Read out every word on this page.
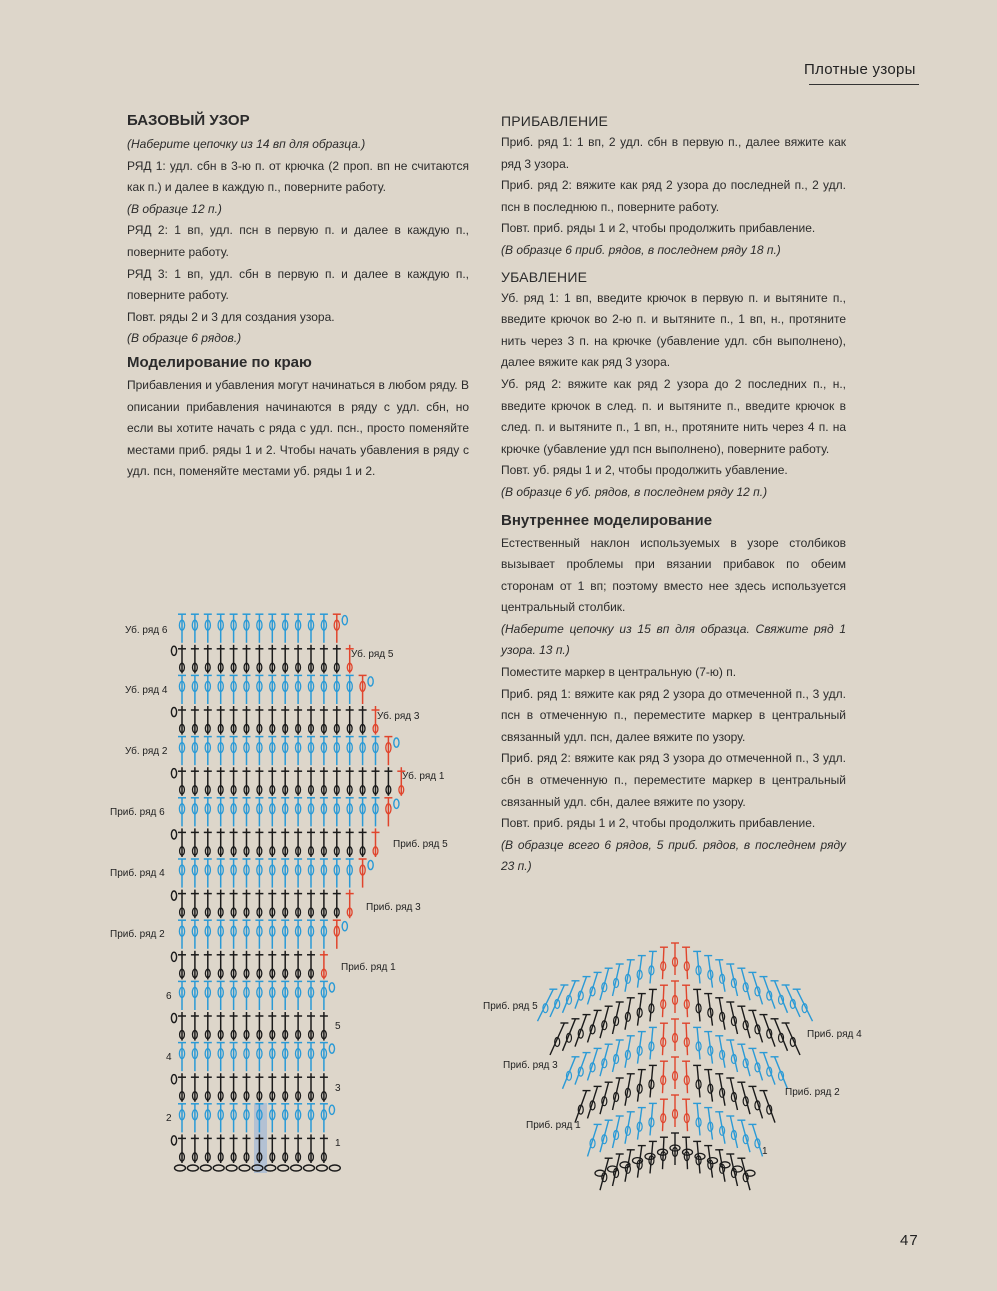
Плотные узоры
БАЗОВЫЙ УЗОР

(Наберите цепочку из 14 вп для образца.)

РЯД 1: удл. сбн в 3-ю п. от крючка (2 проп. вп не считаются как п.) и далее в каждую п., поверните работу.

(В образце 12 п.)

РЯД 2: 1 вп, удл. псн в первую п. и далее в каждую п., поверните работу.

РЯД 3: 1 вп, удл. сбн в первую п. и далее в каждую п., поверните работу.

Повт. ряды 2 и 3 для создания узора.

(В образце 6 рядов.)

Моделирование по краю

Прибавления и убавления могут начинаться в любом ряду. В описании прибавления начинаются в ряду с удл. сбн, но если вы хотите начать с ряда с удл. псн., просто поменяйте местами приб. ряды 1 и 2. Чтобы начать убавления в ряду с удл. псн, поменяйте местами уб. ряды 1 и 2.

ПРИБАВЛЕНИЕ

Приб. ряд 1: 1 вп, 2 удл. сбн в первую п., далее вяжите как ряд 3 узора.

Приб. ряд 2: вяжите как ряд 2 узора до последней п., 2 удл. псн в последнюю п., поверните работу.

Повт. приб. ряды 1 и 2, чтобы продолжить прибавление.

(В образце 6 приб. рядов, в последнем ряду 18 п.)

УБАВЛЕНИЕ

Уб. ряд 1: 1 вп, введите крючок в первую п. и вытяните п., введите крючок во 2-ю п. и вытяните п., 1 вп, н., протяните нить через 3 п. на крючке (убавление удл. сбн выполнено), далее вяжите как ряд 3 узора.

Уб. ряд 2: вяжите как ряд 2 узора до 2 последних п., н., введите крючок в след. п. и вытяните п., введите крючок в след. п. и вытяните п., 1 вп, н., протяните нить через 4 п. на крючке (убавление удл псн выполнено), поверните работу.

Повт. уб. ряды 1 и 2, чтобы продолжить убавление.

(В образце 6 уб. рядов, в последнем ряду 12 п.)

Внутреннее моделирование

Естественный наклон используемых в узоре столбиков вызывает проблемы при вязании прибавок по обеим сторонам от 1 вп; поэтому вместо нее здесь используется центральный столбик.

(Наберите цепочку из 15 вп для образца. Свяжите ряд 1 узора. 13 п.)

Поместите маркер в центральную (7-ю) п.

Приб. ряд 1: вяжите как ряд 2 узора до отмеченной п., 3 удл. псн в отмеченную п., переместите маркер в центральный связанный удл. псн, далее вяжите по узору.

Приб. ряд 2: вяжите как ряд 3 узора до отмеченной п., 3 удл. сбн в отмеченную п., переместите маркер в центральный связанный удл. сбн, далее вяжите по узору.

Повт. приб. ряды 1 и 2, чтобы продолжить прибавление.

(В образце всего 6 рядов, 5 приб. рядов, в последнем ряду 23 п.)

Уб. ряд 6
Уб. ряд 4
Уб. ряд 2
Приб. ряд 6
Приб. ряд 4
Приб. ряд 2
6
4
2
Уб. ряд 5
Уб. ряд 3
Уб. ряд 1
Приб. ряд 5
Приб. ряд 3
Приб. ряд 1
5
3
1
Приб. ряд 5
Приб. ряд 3
Приб. ряд 1
Приб. ряд 4
Приб. ряд 2
1
47
